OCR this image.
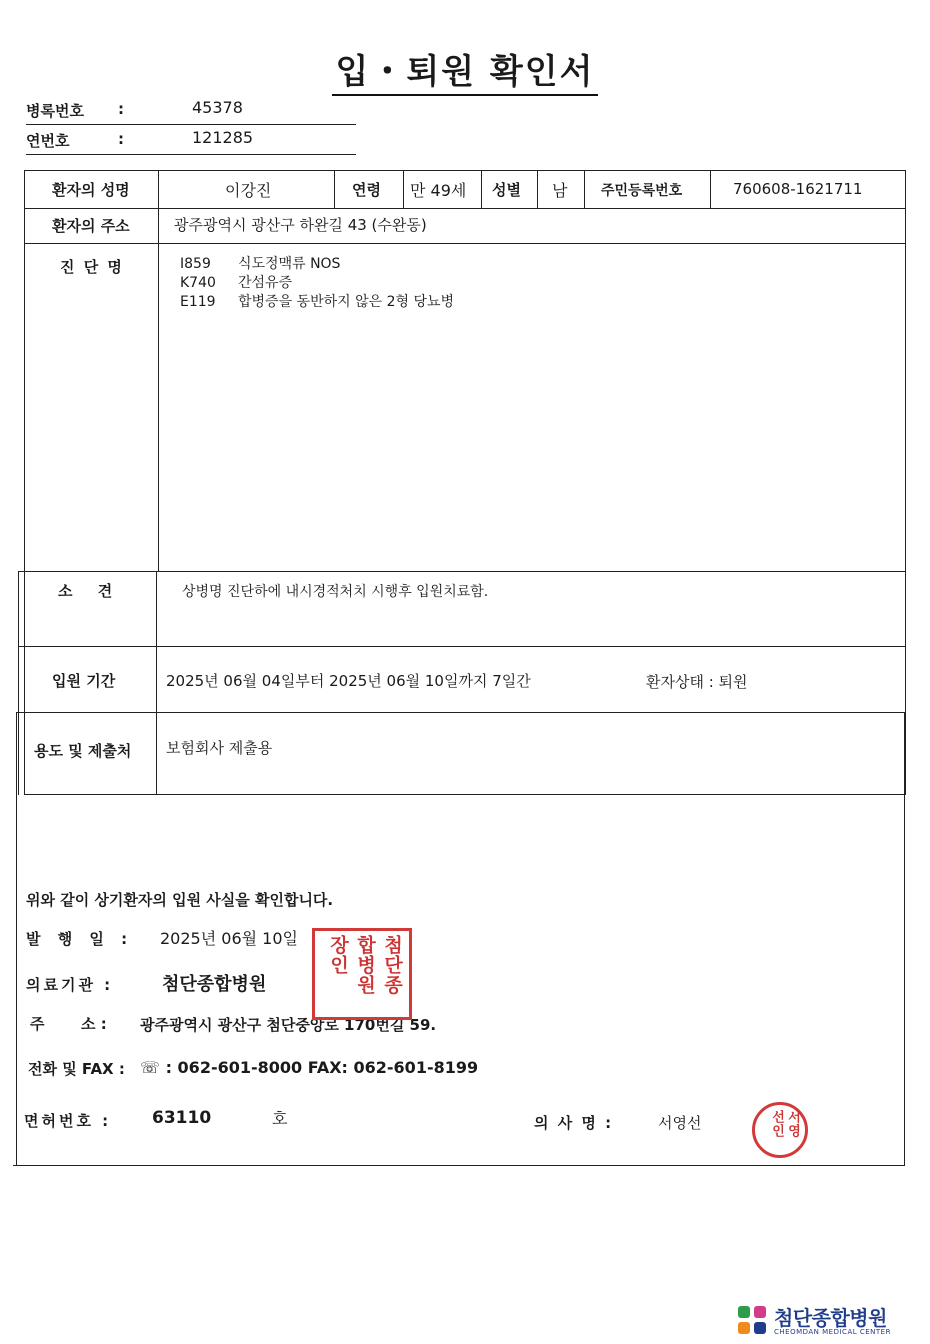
입・퇴원 확인서
병록번호	:	45378
연번호	:	121285
환자의 성명	이강진	연령 만 49세 성별 남 주민등록번호	760608-1621711
환자의 주소	광주광역시 광산구 하완길 43 (수완동)
진 단 명	I859 식도정맥류 NOS
K740 간섬유증
E119 합병증을 동반하지 않은 2형 당뇨병
소 견	상병명 진단하에 내시경적처치 시행후 입원치료함.
입원 기간	2025년 06월 04일부터 2025년 06월 10일까지 7일간	환자상태 : 퇴원
용도 및 제출처 보험회사 제출용
위와 같이 상기환자의 입원 사실을 확인합니다.
발 행 일 : 2025년 06월 10일
의료기관 :	첨단종합병원
주       소 : 광주광역시 광산구 첨단중앙로 170번길 59.
전화 및 FAX : ☏ : 062-601-8000 FAX: 062-601-8199
면허번호 : 63110	호	의 사 명 :	서영선
첨단종합병원장인
서영선인
첨단종합병원
CHEOMDAN MEDICAL CENTER
